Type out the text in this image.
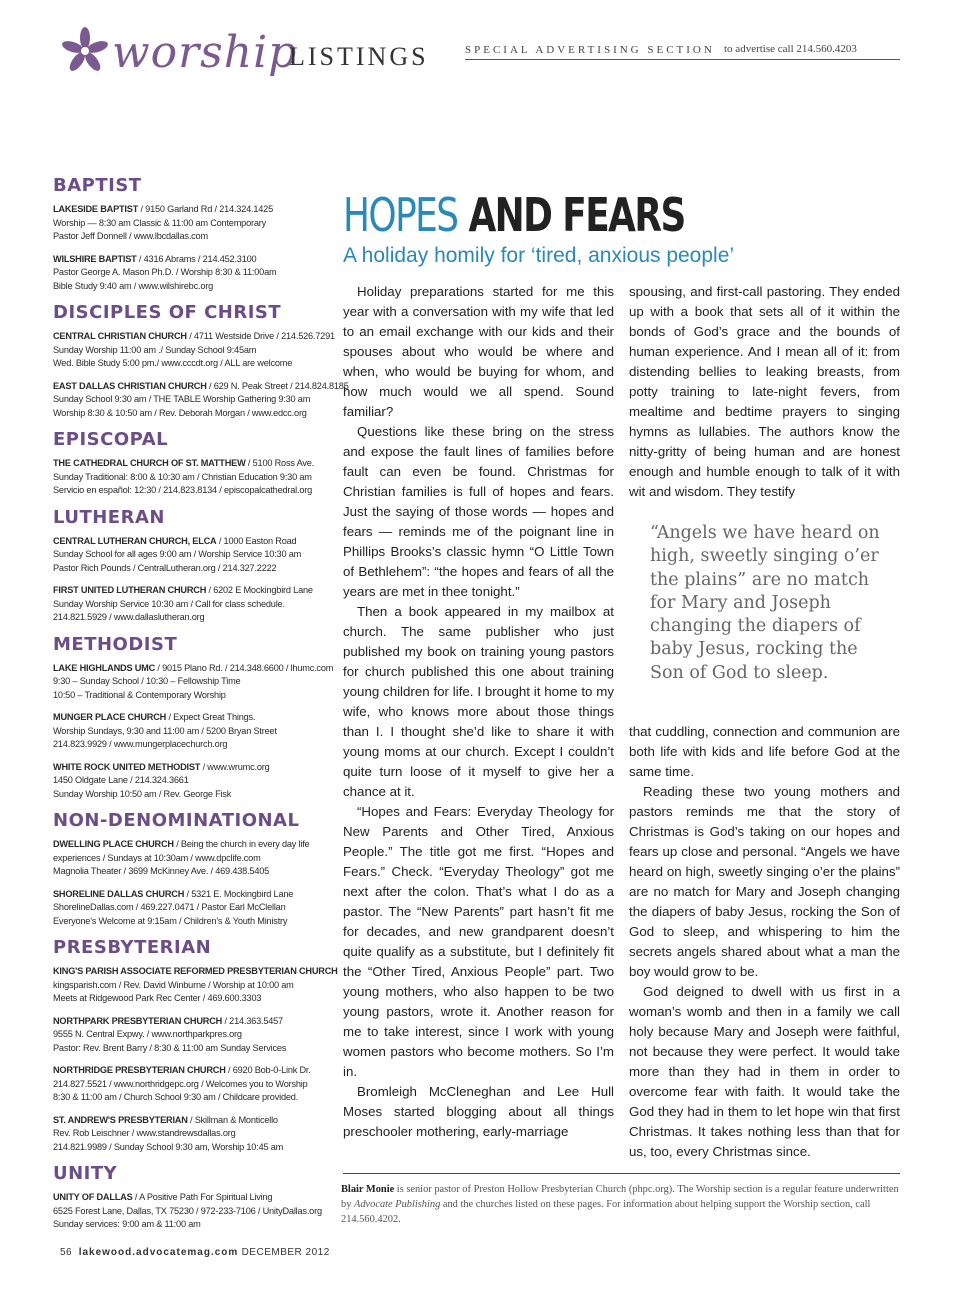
worship
LISTINGS	SPECIAL ADVERTISING SECTION to advertise call 214.560.4203
BAPTIST
LAKESIDE BAPTIST / 9150 Garland Rd / 214.324.1425
Worship — 8:30 am Classic & 11:00 am Contemporary
Pastor Jeff Donnell / www.lbcdallas.com
WILSHIRE BAPTIST / 4316 Abrams / 214.452.3100
Pastor George A. Mason Ph.D. / Worship 8:30 & 11:00am
Bible Study 9:40 am / www.wilshirebc.org
DISCIPLES OF CHRIST
CENTRAL CHRISTIAN CHURCH / 4711 Westside Drive / 214.526.7291
Sunday Worship 11:00 am ./ Sunday School 9:45am
Wed. Bible Study 5:00 pm./ www.cccdt.org / ALL are welcome
EAST DALLAS CHRISTIAN CHURCH / 629 N. Peak Street / 214.824.8185
Sunday School 9:30 am / THE TABLE Worship Gathering 9:30 am
Worship 8:30 & 10:50 am / Rev. Deborah Morgan / www.edcc.org
EPISCOPAL
THE CATHEDRAL CHURCH OF ST. MATTHEW / 5100 Ross Ave.
Sunday Traditional: 8:00 & 10:30 am / Christian Education 9:30 am
Servicio en español: 12:30 / 214.823.8134 / episcopalcathedral.org
LUTHERAN
CENTRAL LUTHERAN CHURCH, ELCA / 1000 Easton Road
Sunday School for all ages 9:00 am / Worship Service 10:30 am
Pastor Rich Pounds / CentralLutheran.org / 214.327.2222
FIRST UNITED LUTHERAN CHURCH / 6202 E Mockingbird Lane
Sunday Worship Service 10:30 am / Call for class schedule.
214.821.5929 / www.dallaslutheran.org
METHODIST
LAKE HIGHLANDS UMC / 9015 Plano Rd. / 214.348.6600 / lhumc.com
9:30 – Sunday School / 10:30 – Fellowship Time
10:50 – Traditional & Contemporary Worship
MUNGER PLACE CHURCH / Expect Great Things.
Worship Sundays, 9:30 and 11:00 am / 5200 Bryan Street
214.823.9929 / www.mungerplacechurch.org
WHITE ROCK UNITED METHODIST / www.wrumc.org
1450 Oldgate Lane / 214.324.3661
Sunday Worship 10:50 am / Rev. George Fisk
NON-DENOMINATIONAL
DWELLING PLACE CHURCH / Being the church in every day life
experiences / Sundays at 10:30am / www.dpclife.com
Magnolia Theater / 3699 McKinney Ave. / 469.438.5405
SHORELINE DALLAS CHURCH / 5321 E. Mockingbird Lane
ShorelineDallas.com / 469.227.0471 / Pastor Earl McClellan
Everyone's Welcome at 9:15am / Children's & Youth Ministry
PRESBYTERIAN
KING'S PARISH ASSOCIATE REFORMED PRESBYTERIAN CHURCH
kingsparish.com / Rev. David Winburne / Worship at 10:00 am
Meets at Ridgewood Park Rec Center / 469.600.3303
NORTHPARK PRESBYTERIAN CHURCH / 214.363.5457
9555 N. Central Expwy. / www.northparkpres.org
Pastor: Rev. Brent Barry / 8:30 & 11:00 am Sunday Services
NORTHRIDGE PRESBYTERIAN CHURCH / 6920 Bob-0-Link Dr.
214.827.5521 / www.northridgepc.org / Welcomes you to Worship
8:30 & 11:00 am / Church School 9:30 am / Childcare provided.
ST. ANDREW'S PRESBYTERIAN / Skillman & Monticello
Rev. Rob Leischner / www.standrewsdallas.org
214.821.9989 / Sunday School 9:30 am, Worship 10:45 am
UNITY
UNITY OF DALLAS / A Positive Path For Spiritual Living
6525 Forest Lane, Dallas, TX 75230 / 972-233-7106 / UnityDallas.org
Sunday services: 9:00 am & 11:00 am
HOPES AND FEARS
A holiday homily for ‘tired, anxious people’

Holiday preparations started for me this year with a conversation with my wife that led to an email exchange with our kids and their spouses about who would be where and when, who would be buying for whom, and how much would we all spend. Sound familiar?

Questions like these bring on the stress and expose the fault lines of families before fault can even be found. Christmas for Christian families is full of hopes and fears. Just the saying of those words — hopes and fears — reminds me of the poignant line in Phillips Brooks’s classic hymn “O Little Town of Bethlehem”: “the hopes and fears of all the years are met in thee tonight.”

Then a book appeared in my mailbox at church. The same publisher who just published my book on training young pastors for church published this one about training young children for life. I brought it home to my wife, who knows more about those things than I. I thought she’d like to share it with young moms at our church. Except I couldn’t quite turn loose of it myself to give her a chance at it.

“Hopes and Fears: Everyday Theology for New Parents and Other Tired, Anxious People.” The title got me first. “Hopes and Fears.” Check. “Everyday Theology” got me next after the colon. That’s what I do as a pastor. The “New Parents” part hasn’t fit me for decades, and new grandparent doesn’t quite qualify as a substitute, but I definitely fit the “Other Tired, Anxious People” part. Two young mothers, who also happen to be two young pastors, wrote it. Another reason for me to take interest, since I work with young women pastors who become mothers. So I’m in.

Bromleigh McCleneghan and Lee Hull Moses started blogging about all things preschooler mothering, early-marriage

spousing, and first-call pastoring. They ended up with a book that sets all of it within the bonds of God’s grace and the bounds of human experience. And I mean all of it: from distending bellies to leaking breasts, from potty training to late-night fevers, from mealtime and bedtime prayers to singing hymns as lullabies. The authors know the nitty-gritty of being human and are honest enough and humble enough to talk of it with wit and wisdom. They testify

“Angels we have heard on high, sweetly singing o’er the plains” are no match for Mary and Joseph changing the diapers of baby Jesus, rocking the Son of God to sleep.

that cuddling, connection and communion are both life with kids and life before God at the same time.

Reading these two young mothers and pastors reminds me that the story of Christmas is God’s taking on our hopes and fears up close and personal. “Angels we have heard on high, sweetly singing o’er the plains” are no match for Mary and Joseph changing the diapers of baby Jesus, rocking the Son of God to sleep, and whispering to him the secrets angels shared about what a man the boy would grow to be.

God deigned to dwell with us first in a woman’s womb and then in a family we call holy because Mary and Joseph were faithful, not because they were perfect. It would take more than they had in them in order to overcome fear with faith. It would take the God they had in them to let hope win that first Christmas. It takes nothing less than that for us, too, every Christmas since.

Blair Monie is senior pastor of Preston Hollow Presbyterian Church (phpc.org). The Worship section is a regular feature underwritten by Advocate Publishing and the churches listed on these pages. For information about helping support the Worship section, call 214.560.4202.
56 lakewood.advocatemag.com DECEMBER 2012
